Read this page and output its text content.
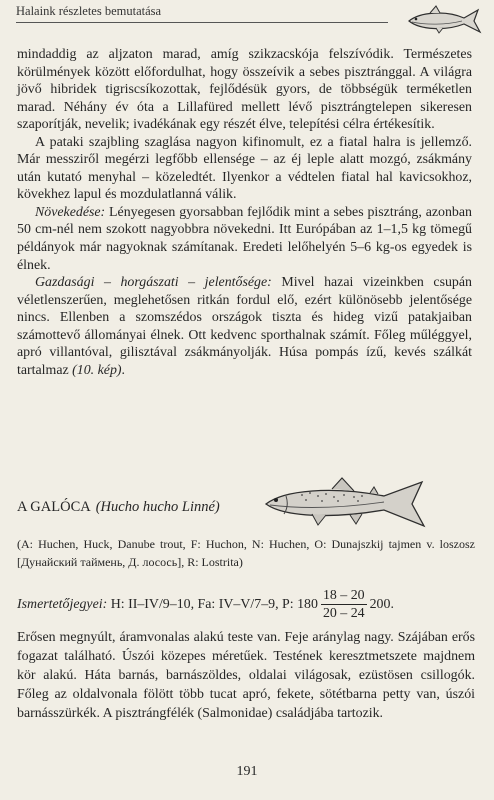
Halaink részletes bemutatása

mindaddig az aljzaton marad, amíg szikzacskója felszívódik. Természetes körülmények között előfordulhat, hogy összeívik a sebes pisztránggal. A világra jövő hibridek tigriscsíkozottak, fejlődésük gyors, de többségük terméketlen marad. Néhány év óta a Lillafüred mellett lévő pisztrángtelepen sikeresen szaporítják, nevelik; ivadékának egy részét élve, telepítési célra értékesítik.

A pataki szajbling szaglása nagyon kifinomult, ez a fiatal halra is jellemző. Már messziről megérzi legfőbb ellensége – az éj leple alatt mozgó, zsákmány után kutató menyhal – közeledtét. Ilyenkor a védtelen fiatal hal kavicsokhoz, kövekhez lapul és mozdulatlanná válik.

Növekedése: Lényegesen gyorsabban fejlődik mint a sebes pisztráng, azonban 50 cm-nél nem szokott nagyobbra növekedni. Itt Európában az 1–1,5 kg tömegű példányok már nagyoknak számítanak. Eredeti lelőhelyén 5–6 kg-os egyedek is élnek.

Gazdasági – horgászati – jelentősége: Mivel hazai vizeinkben csupán véletlenszerűen, meglehetősen ritkán fordul elő, ezért különösebb jelentősége nincs. Ellenben a szomszédos országok tiszta és hideg vizű patakjaiban számottevő állományai élnek. Ott kedvenc sporthalnak számít. Főleg műléggyel, apró villantóval, gilisztával zsákmányolják. Húsa pompás ízű, kevés szálkát tartalmaz (10. kép).

A GALÓCA (Hucho hucho Linné)

(A: Huchen, Huck, Danube trout, F: Huchon, N: Huchen, O: Dunajszkij tajmen v. loszosz [Дунайский таймень, Д. лосось], R: Lostrita)

Ismertetőjegyei:
H: II–IV/9–10, Fa: IV–V/7–9, P: $180 \frac{18 - 20}{20 - 24} 200$.

Erősen megnyúlt, áramvonalas alakú teste van. Feje aránylag nagy. Szájában erős fogazat található. Úszói közepes méretűek. Testének keresztmetszete majdnem kör alakú. Háta barnás, barnászöldes, oldalai világosak, ezüstösen csillogók. Főleg az oldalvonala fölött több tucat apró, fekete, sötétbarna petty van, úszói barnásszürkék. A pisztrángfélék (Salmonidae) családjába tartozik.

191
